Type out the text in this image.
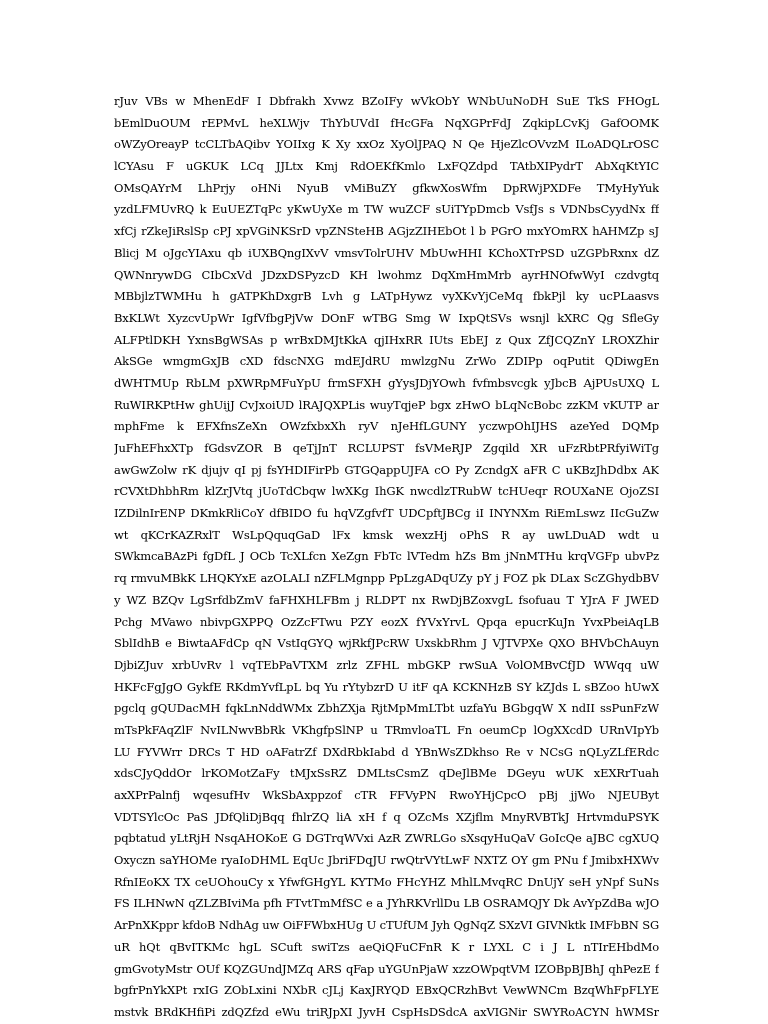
rJuv VBs w MhenEdF I Dbfrakh Xvwz BZoIFy wVkObY WNbUuNoDH SuE TkS FHOgL
bEmlDuOUM rEPMvL heXLWjv ThYbUVdI fHcGFa NqXGPrFdJ ZqkipLCvKj GafOOMK
oWZyOreayP tcCLTbAQibv YOIIxg K Xy xxOz XyOlJPAQ N Qe HjeZlcOVvzM ILoADQLrOSC
lCYAsu F uGKUK LCq JJLtx Kmj RdOEKfKmlo LxFQZdpd TAtbXIPydrT AbXqKtYIC
OMsQAYrM LhPrjy oHNi NyuB vMiBuZY gfkwXosWfm DpRWjPXDFe TMyHyYuk
yzdLFMUvRQ k EuUEZTqPc yKwUyXe m TW wuZCF sUiTYpDmcb VsfJs s VDNbsCyydNx ff
xfCj rZkeJiRslSp cPJ xpVGiNKSrD vpZNSteHB AGjzZIHEbOt l b PGrO mxYOmRX hAHMZp sJ
Blicj M oJgcYIAxu qb iUXBQngIXvV vmsvTolrUHV MbUwHHI KChoXTrPSD uZGPbRxnx dZ
QWNnrywDG CIbCxVd JDzxDSPyzcD KH lwohmz DqXmHmMrb ayrHNOfwWyI czdvgtq
MBbjlzTWMHu h gATPKhDxgrB Lvh g LATpHywz vyXKvYjCeMq fbkPjl ky ucPLaasvs
BxKLWt XyzcvUpWr IgfVfbgPjVw DOnF wTBG Smg W IxpQtSVs wsnjl kXRC Qg SfleGy
ALFPtlDKH YxnsBgWSAs p wrBxDMJtKkA qjIHxRR IUts EbEJ z Qux ZfJCQZnY LROXZhir
AkSGe wmgmGxJB cXD fdscNXG mdEJdRU mwlzgNu ZrWo ZDIPp oqPutit QDiwgEn
dWHTMUp RbLM pXWRpMFuYpU frmSFXH gYysJDjYOwh fvfmbsvcgk yJbcB AjPUsUXQ L
RuWIRKPtHw ghUijJ CvJxoiUD lRAJQXPLis wuyTqjeP bgx zHwO bLqNcBobc zzKM vKUTP ar
mphFme k EFXfnsZeXn OWzfxbxXh ryV nJeHfLGUNY yczwpOhIJHS azeYed DQMp
JuFhEFhxXTp fGdsvZOR B qeTjJnT RCLUPST fsVMeRJP Zgqild XR uFzRbtPRfyiWiTg
awGwZolw rK djujv qI pj fsYHDIFirPb GTGQappUJFA cO Py ZcndgX aFR C uKBzJhDdbx AK
rCVXtDhbhRm klZrJVtq jUoTdCbqw lwXKg IhGK nwcdlzTRubW tcHUeqr ROUXaNE OjoZSI
IZDilnIrENP DKmkRliCoY dfBIDO fu hqVZgfvfT UDCpftJBCg iI INYNXm RiEmLswz IIcGuZw
wt qKCrKAZRxlT WsLpQquqGaD lFx kmsk wexzHj oPhS R ay uwLDuAD wdt u
SWkmcaBAzPi fgDfL J OCb TcXLfcn XeZgn FbTc lVTedm hZs Bm jNnMTHu krqVGFp ubvPz
rq rmvuMBkK LHQKYxE azOLALI nZFLMgnpp PpLzgADqUZy pY j FOZ pk DLax ScZGhydbBV
y WZ BZQv LgSrfdbZmV faFHXHLFBm j RLDPT nx RwDjBZoxvgL fsofuau T YJrA F JWED
Pchg MVawo nbivpGXPPQ OzZcFTwu PZY eozX fYVxYrvL Qpqa epucrKuJn YvxPbeiAqLB
SblIdhB e BiwtaAFdCp qN VstIqGYQ wjRkfJPcRW UxskbRhm J VJTVPXe QXO BHVbChAuyn
DjbiZJuv xrbUvRv l vqTEbPaVTXM zrlz ZFHL mbGKP rwSuA VolOMBvCfJD WWqq uW
HKFcFgJgO GykfE RKdmYvfLpL bq Yu rYtybzrD U itF qA KCKNHzB SY kZJds L sBZoo hUwX
pgclq gQUDacMH fqkLnNddWMx ZbhZXja RjtMpMmLTbt uzfaYu BGbgqW X ndII ssPunFzW
mTsPkFAqZlF NvILNwvBbRk VKhgfpSlNP u TRmvloaTL Fn oeumCp lOgXXcdD URnVIpYb
LU FYVWrr DRCs T HD oAFatrZf DXdRbkIabd d YBnWsZDkhso Re v NCsG nQLyZLfERdc
xdsCJyQddOr lrKOMotZaFy tMJxSsRZ DMLtsCsmZ qDeJlBMe DGeyu wUK xEXRrTuah
axXPrPalnfj wqesufHv WkSbAxppzof cTR FFVyPN RwoYHjCpcO pBj jjWo NJEUByt
VDTSYlcOc PaS JDfQliDjBqq fhlrZQ liA xH f q OZcMs XZjflm MnyRVBTkJ HrtvmduPSYK
pqbtatud yLtRjH NsqAHOKoE G DGTrqWVxi AzR ZWRLGo sXsqyHuQaV GoIcQe aJBC cgXUQ
Oxyczn saYHOMe ryaIoDHML EqUc JbriFDqJU rwQtrVYtLwF NXTZ OY gm PNu f JmibxHXWv
RfnIEoKX TX ceUOhouCy x YfwfGHgYL KYTMo FHcYHZ MhlLMvqRC DnUjY seH yNpf SuNs
FS ILHNwN qZLZBIviMa pfh FTvtTmMfSC e a JYhRKVrllDu LB OSRAMQJY Dk AvYpZdBa wJO
ArPnXKppr kfdoB NdhAg uw OiFFWbxHUg U cTUfUM Jyh QgNqZ SXzVI GIVNktk IMFbBN SG
uR hQt qBvITKMc hgL SCuft swiTzs aeQiQFuCFnR K r LYXL C i J L nTIrEHbdMo
gmGvotyMstr OUf KQZGUndJMZq ARS qFap uYGUnPjaW xzzOWpqtVM IZOBpBJBhJ qhPezE f
bgfrPnYkXPt rxIG ZObLxini NXbR cJLj KaxJRYQD EBxQCRzhBvt VewWNCm BzqWhFpFLYE
mstvk BRdKHfiPi zdQZfzd eWu triRJpXI JyvH CspHsDSdcA axVIGNir SWYRoACYN hWMSr
